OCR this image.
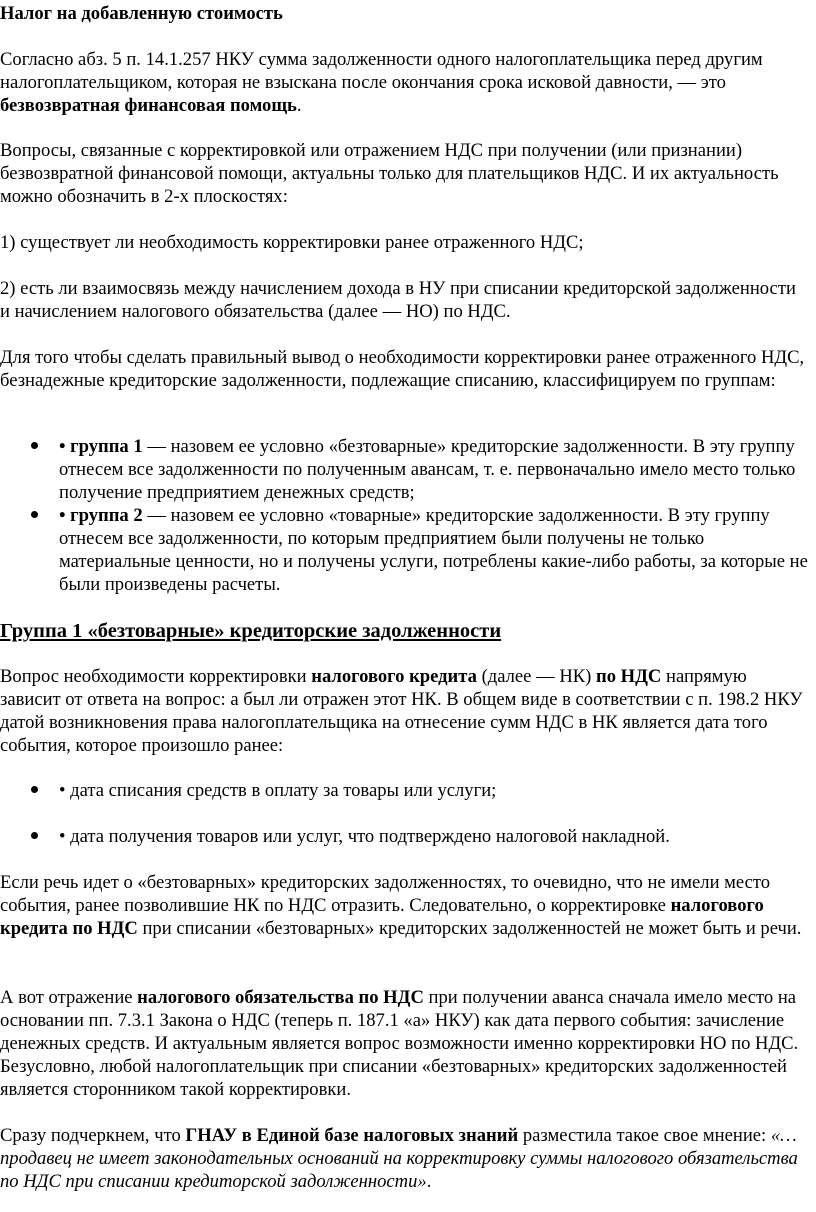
Налог на добавленную стоимость

Согласно абз. 5 п. 14.1.257 НКУ сумма задолженности одного налогоплательщика перед другим налогоплательщиком, которая не взыскана после окончания срока исковой давности, — это безвозвратная финансовая помощь.

Вопросы, связанные с корректировкой или отражением НДС при получении (или признании) безвозвратной финансовой помощи, актуальны только для плательщиков НДС. И их актуальность можно обозначить в 2-х плоскостях:

1) существует ли необходимость корректировки ранее отраженного НДС;

2) есть ли взаимосвязь между начислением дохода в НУ при списании кредиторской задолженности и начислением налогового обязательства (далее — НО) по НДС.

Для того чтобы сделать правильный вывод о необходимости корректировки ранее отраженного НДС, безнадежные кредиторские задолженности, подлежащие списанию, классифицируем по группам:

• группа 1 — назовем ее условно «безтоварные» кредиторские задолженности. В эту группу отнесем все задолженности по полученным авансам, т. е. первоначально имело место только получение предприятием денежных средств;

• группа 2 — назовем ее условно «товарные» кредиторские задолженности. В эту группу отнесем все задолженности, по которым предприятием были получены не только материальные ценности, но и получены услуги, потреблены какие-либо работы, за которые не были произведены расчеты.

Группа 1 «безтоварные» кредиторские задолженности

Вопрос необходимости корректировки налогового кредита (далее — НК) по НДС напрямую зависит от ответа на вопрос: а был ли отражен этот НК. В общем виде в соответствии с п. 198.2 НКУ датой возникновения права налогоплательщика на отнесение сумм НДС в НК является дата того события, которое произошло ранее:

• дата списания средств в оплату за товары или услуги;

• дата получения товаров или услуг, что подтверждено налоговой накладной.

Если речь идет о «безтоварных» кредиторских задолженностях, то очевидно, что не имели место события, ранее позволившие НК по НДС отразить. Следовательно, о корректировке налогового кредита по НДС при списании «безтоварных» кредиторских задолженностей не может быть и речи.

А вот отражение налогового обязательства по НДС при получении аванса сначала имело место на основании пп. 7.3.1 Закона о НДС (теперь п. 187.1 «а» НКУ) как дата первого события: зачисление денежных средств. И актуальным является вопрос возможности именно корректировки НО по НДС. Безусловно, любой налогоплательщик при списании «безтоварных» кредиторских задолженностей является сторонником такой корректировки.

Сразу подчеркнем, что ГНАУ в Единой базе налоговых знаний разместила такое свое мнение: «… продавец не имеет законодательных оснований на корректировку суммы налогового обязательства по НДС при списании кредиторской задолженности».
